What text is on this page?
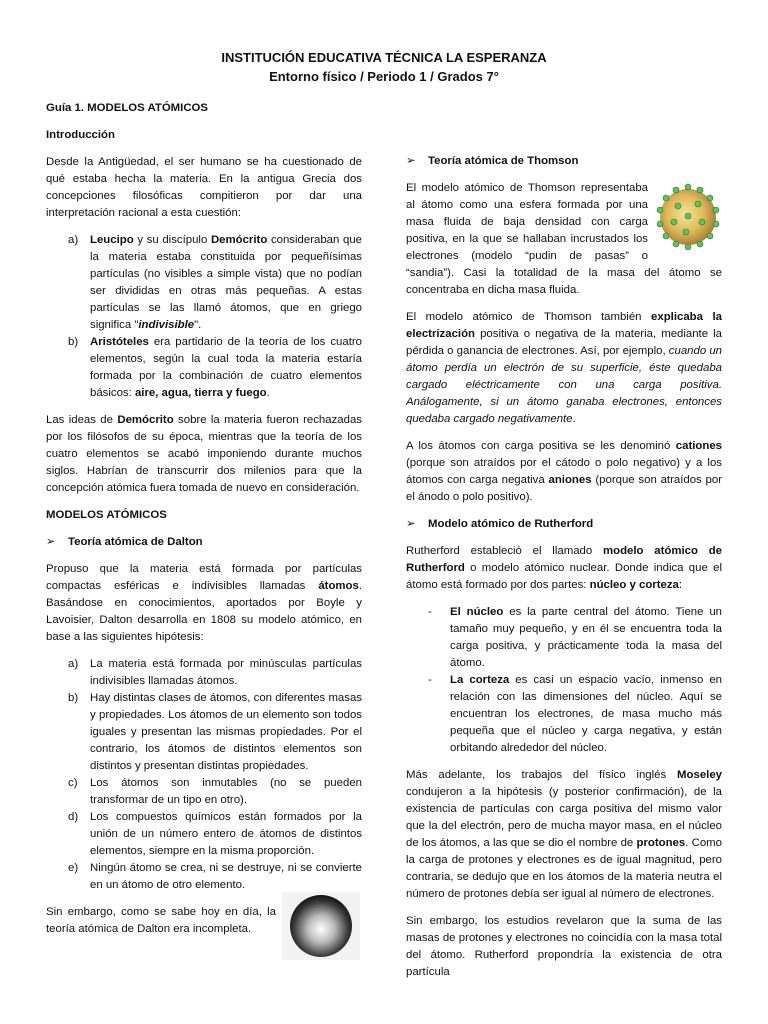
INSTITUCIÓN EDUCATIVA TÉCNICA LA ESPERANZA
Entorno físico / Periodo 1 / Grados 7°
Guía 1. MODELOS ATÓMICOS
Introducción

Desde la Antigüedad, el ser humano se ha cuestionado de qué estaba hecha la materia. En la antigua Grecia dos concepciones filosóficas compitieron por dar una interpretación racional a esta cuestión:

a) Leucipo y su discípulo Demócrito consideraban que la materia estaba constituida por pequeñísimas partículas (no visibles a simple vista) que no podían ser divididas en otras más pequeñas. A estas partículas se las llamó átomos, que en griego significa "indivisible".
b) Aristóteles era partidario de la teoría de los cuatro elementos, según la cual toda la materia estaría formada por la combinación de cuatro elementos básicos: aire, agua, tierra y fuego.

Las ideas de Demócrito sobre la materia fueron rechazadas por los filósofos de su época, mientras que la teoría de los cuatro elementos se acabó imponiendo durante muchos siglos. Habrían de transcurrir dos milenios para que la concepción atómica fuera tomada de nuevo en consideración.

MODELOS ATÓMICOS
➢ Teoría atómica de Dalton

Propuso que la materia está formada por partículas compactas esféricas e indivisibles llamadas átomos. Basándose en conocimientos, aportados por Boyle y Lavoisier, Dalton desarrolla en 1808 su modelo atómico, en base a las siguientes hipótesis:

a) La materia está formada por minúsculas partículas indivisibles llamadas átomos.
b) Hay distintas clases de átomos, con diferentes masas y propiedades. Los átomos de un elemento son todos iguales y presentan las mismas propiedades. Por el contrario, los átomos de distintos elementos son distintos y presentan distintas propiedades.
c) Los átomos son inmutables (no se pueden transformar de un tipo en otro).
d) Los compuestos químicos están formados por la unión de un número entero de átomos de distintos elementos, siempre en la misma proporción.
e) Ningún átomo se crea, ni se destruye, ni se convierte en un átomo de otro elemento.

Sin embargo, como se sabe hoy en día, la teoría atómica de Dalton era incompleta.

➢ Teoría atómica de Thomson

El modelo atómico de Thomson representaba al átomo como una esfera formada por una masa fluida de baja densidad con carga positiva, en la que se hallaban incrustados los electrones (modelo “pudin de pasas” o “sandia”). Casi la totalidad de la masa del átomo se concentraba en dicha masa fluida.

El modelo atómico de Thomson también explicaba la electrización positiva o negativa de la materia, mediante la pérdida o ganancia de electrones. Así, por ejemplo, cuando un átomo perdía un electrón de su superficie, éste quedaba cargado eléctricamente con una carga positiva. Análogamente, si un átomo ganaba electrones, entonces quedaba cargado negativamente.

A los átomos con carga positiva se les denominó cationes (porque son atraídos por el cátodo o polo negativo) y a los átomos con carga negativa aniones (porque son atraídos por el ánodo o polo positivo).

➢ Modelo atómico de Rutherford

Rutherford estableció el llamado modelo atómico de Rutherford o modelo atómico nuclear. Donde indica que el átomo está formado por dos partes: núcleo y corteza:

- El núcleo es la parte central del átomo. Tiene un tamaño muy pequeño, y en él se encuentra toda la carga positiva, y prácticamente toda la masa del átomo.
- La corteza es casi un espacio vacío, inmenso en relación con las dimensiones del núcleo. Aquí se encuentran los electrones, de masa mucho más pequeña que el núcleo y carga negativa, y están orbitando alrededor del núcleo.

Más adelante, los trabajos del físico inglés Moseley condujeron a la hipótesis (y posterior confirmación), de la existencia de partículas con carga positiva del mismo valor que la del electrón, pero de mucha mayor masa, en el núcleo de los átomos, a las que se dio el nombre de protones. Como la carga de protones y electrones es de igual magnitud, pero contraria, se dedujo que en los átomos de la materia neutra el número de protones debía ser igual al número de electrones.

Sin embargo, los estudios revelaron que la suma de las masas de protones y electrones no coincidía con la masa total del átomo. Rutherford propondría la existencia de otra partícula
